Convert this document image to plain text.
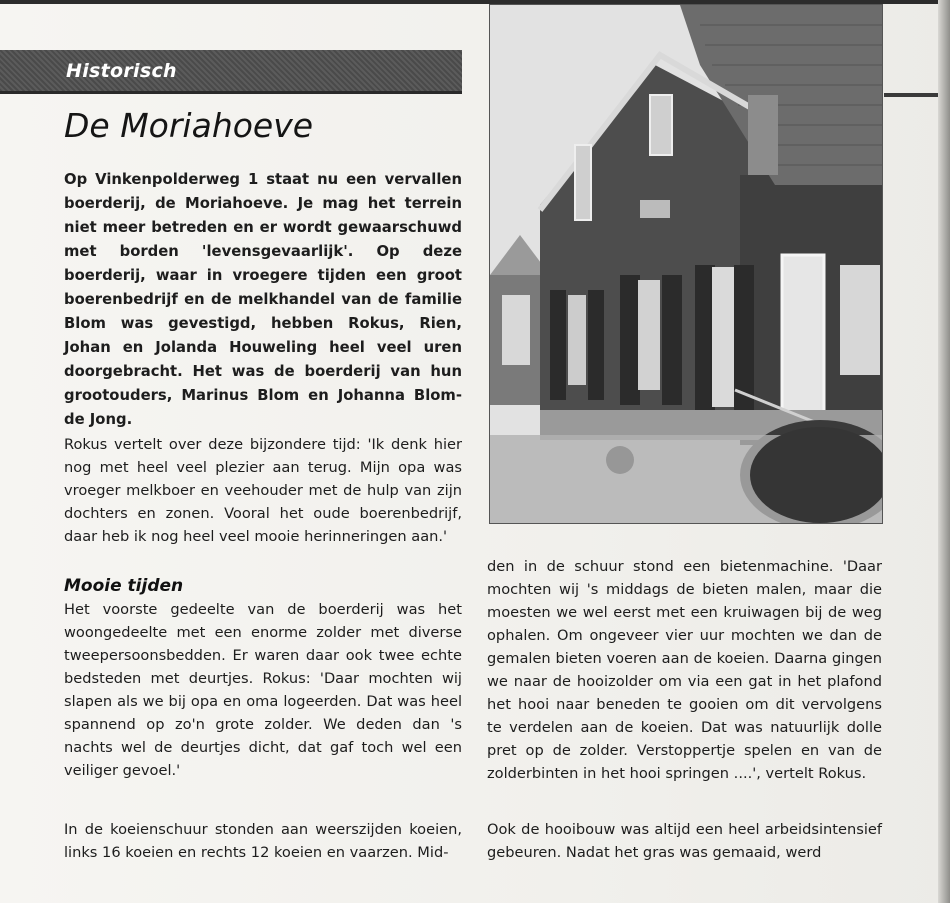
Historisch
De Moriahoeve

Op Vinkenpolderweg 1 staat nu een vervallen boerderij, de Moriahoeve. Je mag het terrein niet meer betreden en er wordt gewaarschuwd met borden 'levensgevaarlijk'. Op deze boerderij, waar in vroegere tijden een groot boerenbedrijf en de melkhandel van de familie Blom was gevestigd, hebben Rokus, Rien, Johan en Jolanda Houweling heel veel uren doorgebracht. Het was de boerderij van hun grootouders, Marinus Blom en Johanna Blom-de Jong.

Rokus vertelt over deze bijzondere tijd: 'Ik denk hier nog met heel veel plezier aan terug. Mijn opa was vroeger melkboer en veehouder met de hulp van zijn dochters en zonen. Vooral het oude boerenbedrijf, daar heb ik nog heel veel mooie herinneringen aan.'

Mooie tijden

Het voorste gedeelte van de boerderij was het woongedeelte met een enorme zolder met diverse tweepersoonsbedden. Er waren daar ook twee echte bedsteden met deurtjes. Rokus: 'Daar mochten wij slapen als we bij opa en oma logeerden. Dat was heel spannend op zo'n grote zolder. We deden dan 's nachts wel de deurtjes dicht, dat gaf toch wel een veiliger gevoel.'

In de koeienschuur stonden aan weerszijden koeien, links 16 koeien en rechts 12 koeien en vaarzen. Mid-

den in de schuur stond een bietenmachine. 'Daar mochten wij 's middags de bieten malen, maar die moesten we wel eerst met een kruiwagen bij de weg ophalen. Om ongeveer vier uur mochten we dan de gemalen bieten voeren aan de koeien. Daarna gingen we naar de hooizolder om via een gat in het plafond het hooi naar beneden te gooien om dit vervolgens te verdelen aan de koeien. Dat was natuurlijk dolle pret op de zolder. Verstoppertje spelen en van de zolderbinten in het hooi springen ....', vertelt Rokus.

Ook de hooibouw was altijd een heel arbeidsintensief gebeuren. Nadat het gras was gemaaid, werd
